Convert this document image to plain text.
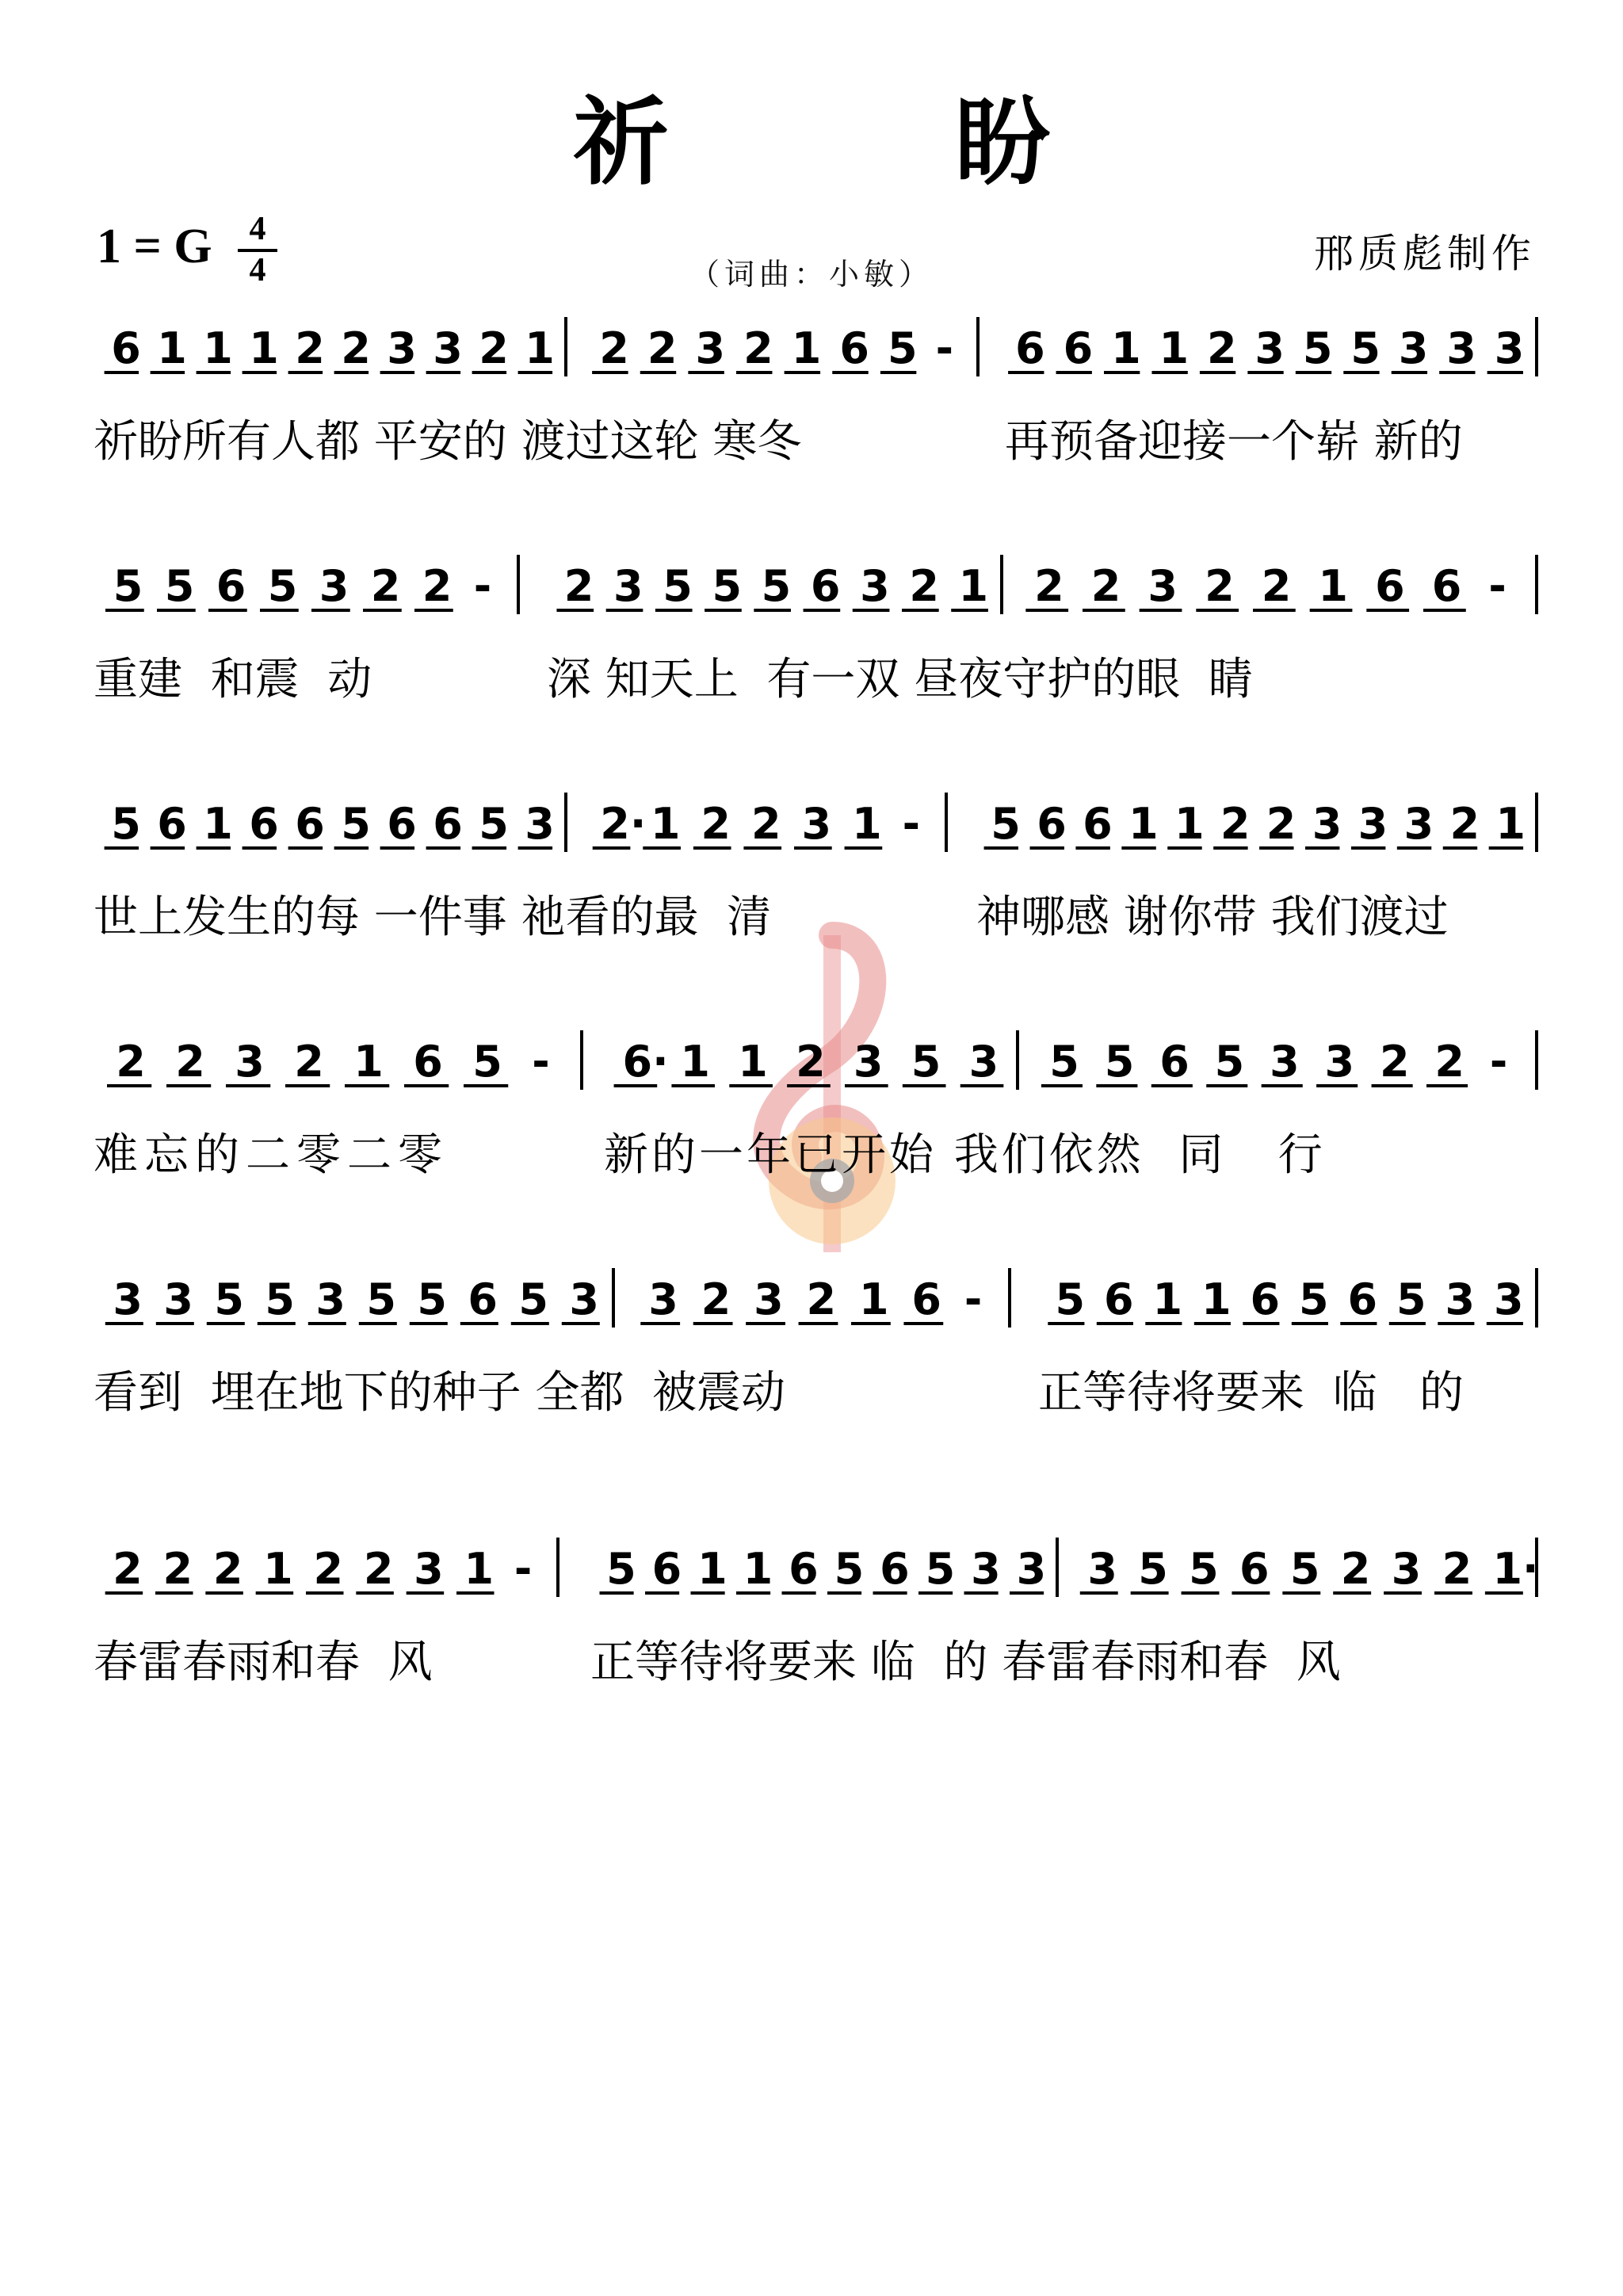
祈 盼
1 = G	4
4	（词曲：小敏）	邢质彪制作
6 1 1 1 2 2 3 3 2 1 2 2 3 2 1 6 5 - 6 6 1 1 2 3 5 5 3 3 3
祈盼所有人都 平安的 渡过这轮 寒冬	再预备迎接一个崭 新的
5 5 6 5 3 2 2 - 2 3 5 5 5 6 3 2 1 2 2 3 2 2 1 6 6 -
重建  和震  动	深 知天上  有一双 昼夜守护的眼  睛
5 6 1 6 6 5 6 6 5 3 2· 1 2 2 3 1 - 5 6 6 1 1 2 2 3 3 3 2 1
世上发生的每 一件事 祂看的最  清	神哪感 谢你带 我们渡过
2 2 3 2 1 6 5 - 6· 1 1 2 3 5 3 5 5 6 5 3 3 2 2 -
难忘的二零二零	新的一年已开始 我们依然  同   行
3 3 5 5 3 5 5 6 5 3 3 2 3 2 1 6 - 5 6 1 1 6 5 6 5 3 3
看到  埋在地下的种子 全都  被震动	正等待将要来  临   的
2 2 2 1 2 2 3 1 - 5 6 1 1 6 5 6 5 3 3 3 5 5 6 5 2 3 2 1·
春雷春雨和春  风	正等待将要来 临  的 春雷春雨和春  风
